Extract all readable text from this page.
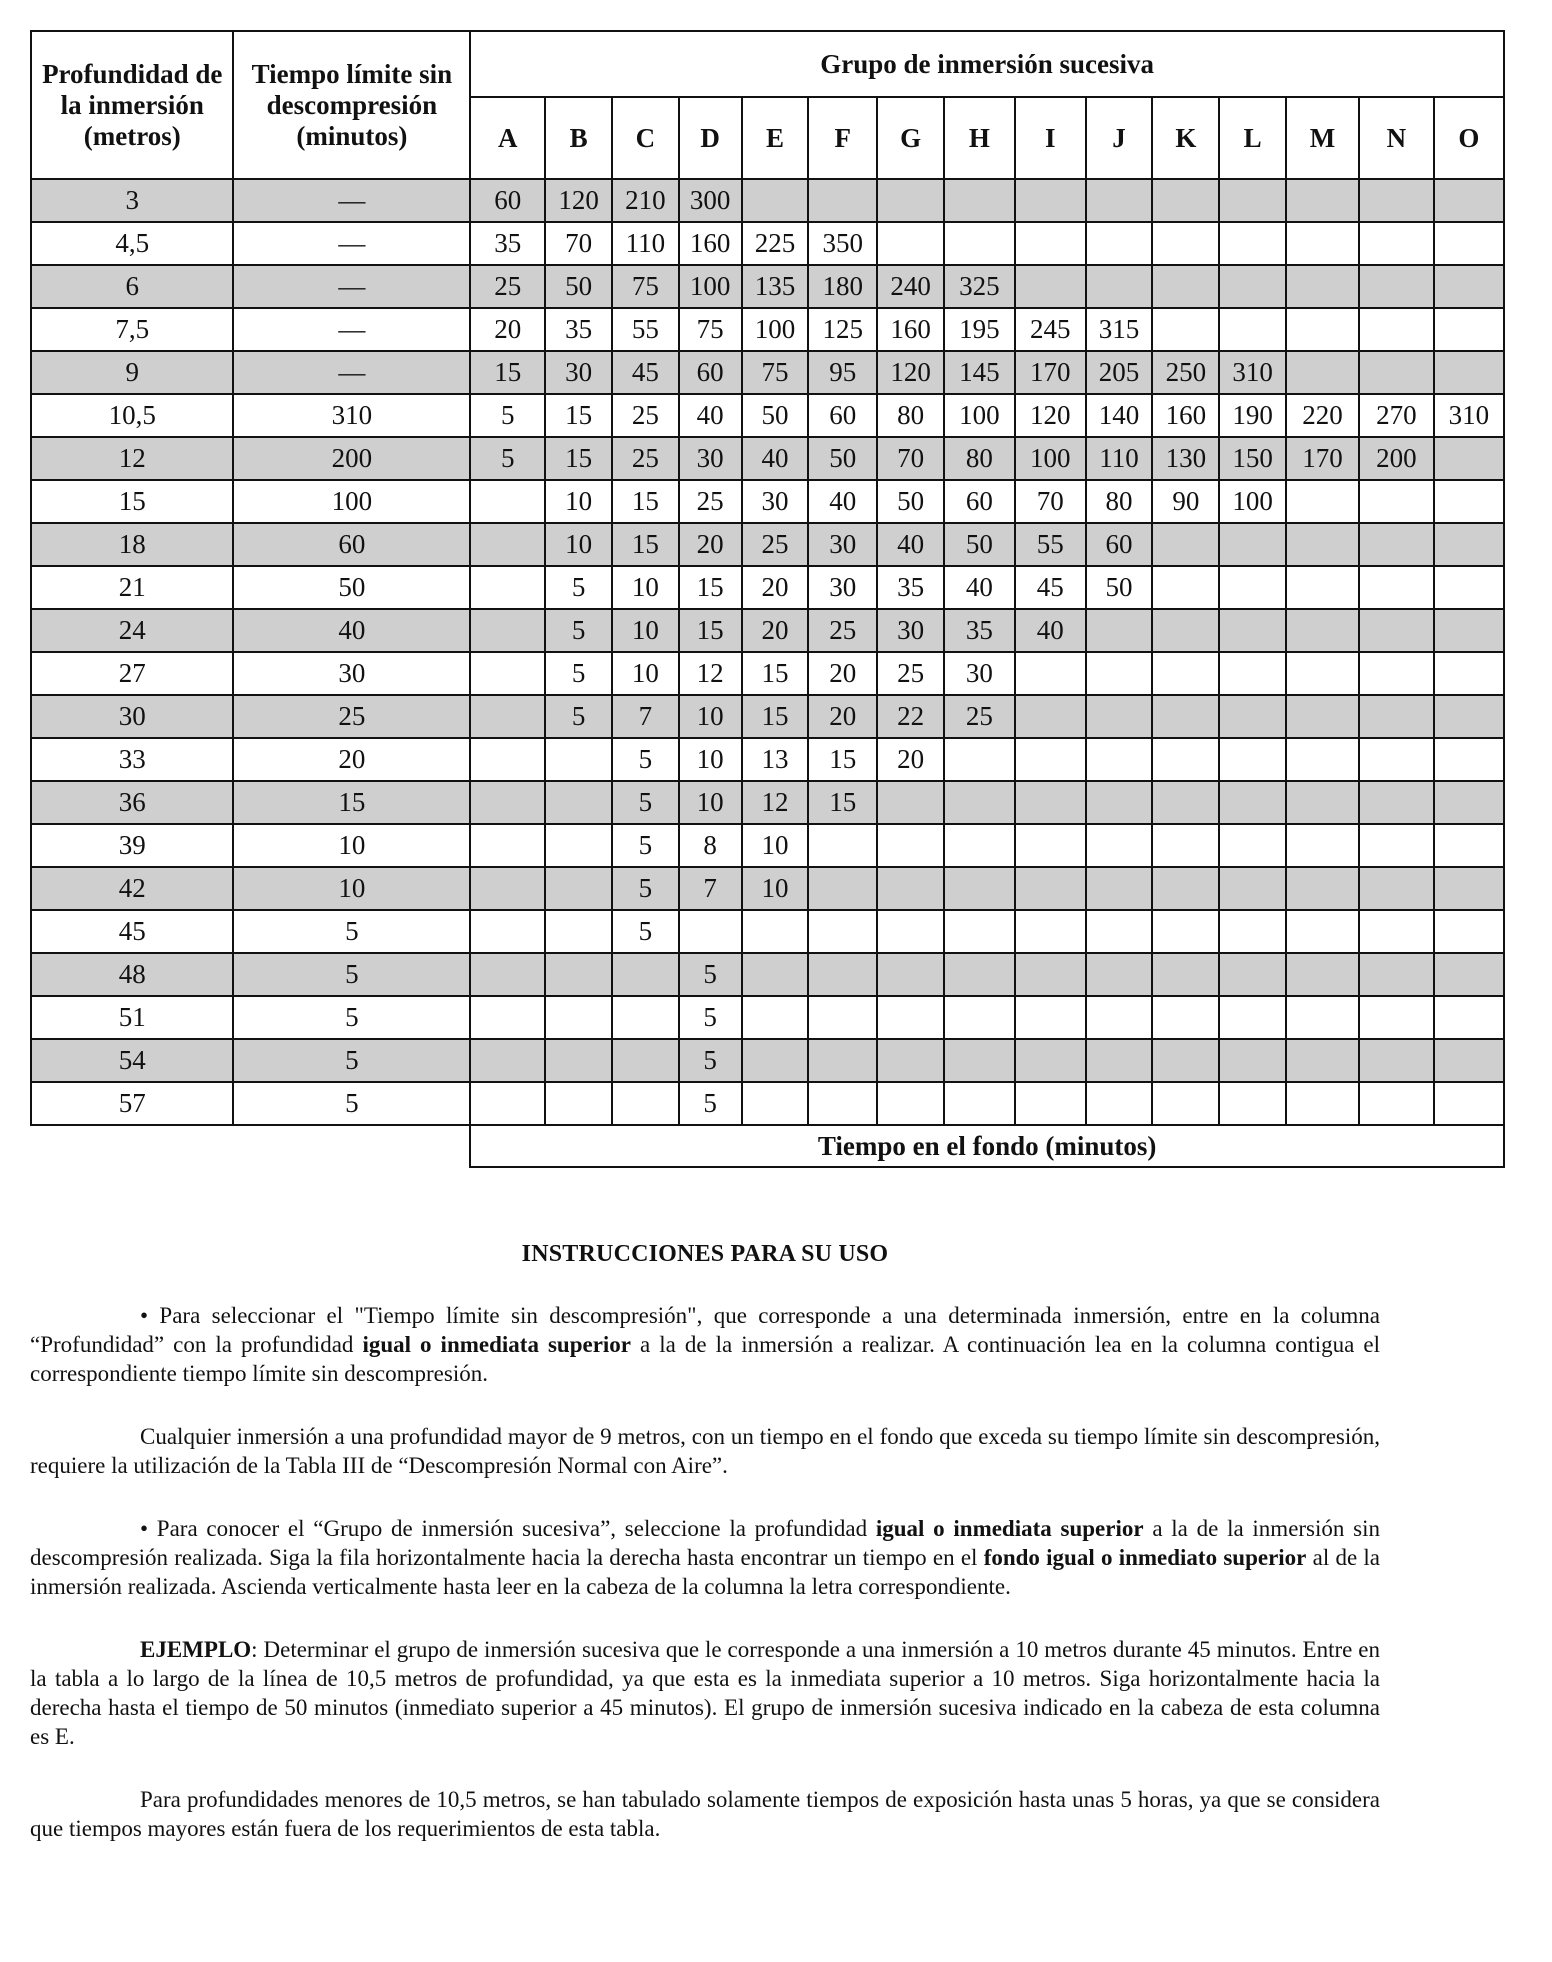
Profundidad de la inmersión (metros)	Tiempo límite sin descompresión (minutos)	Grupo de inmersión sucesiva														
		A	B	C	D	E	F	G	H	I	J	K	L	M	N	O
3	—	60	120	210	300											
4,5	—	35	70	110	160	225	350									
6	—	25	50	75	100	135	180	240	325							
7,5	—	20	35	55	75	100	125	160	195	245	315					
9	—	15	30	45	60	75	95	120	145	170	205	250	310			
10,5	310	5	15	25	40	50	60	80	100	120	140	160	190	220	270	310
12	200	5	15	25	30	40	50	70	80	100	110	130	150	170	200	
15	100		10	15	25	30	40	50	60	70	80	90	100			
18	60		10	15	20	25	30	40	50	55	60					
21	50		5	10	15	20	30	35	40	45	50					
24	40		5	10	15	20	25	30	35	40						
27	30		5	10	12	15	20	25	30							
30	25		5	7	10	15	20	22	25							
33	20			5	10	13	15	20								
36	15			5	10	12	15									
39	10			5	8	10										
42	10			5	7	10										
45	5			5												
48	5				5											
51	5				5											
54	5				5											
57	5				5											
		Tiempo en el fondo (minutos)														
INSTRUCCIONES PARA SU USO

• Para seleccionar el "Tiempo límite sin descompresión", que corresponde a una determinada inmersión, entre en la columna “Profundidad” con la profundidad igual o inmediata superior a la de la inmersión a realizar. A continuación lea en la columna contigua el correspondiente tiempo límite sin descompresión.

Cualquier inmersión a una profundidad mayor de 9 metros, con un tiempo en el fondo que exceda su tiempo límite sin descompresión, requiere la utilización de la Tabla III de “Descompresión Normal con Aire”.

• Para conocer el “Grupo de inmersión sucesiva”, seleccione la profundidad igual o inmediata superior a la de la inmersión sin descompresión realizada. Siga la fila horizontalmente hacia la derecha hasta encontrar un tiempo en el fondo igual o inmediato superior al de la inmersión realizada. Ascienda verticalmente hasta leer en la cabeza de la columna la letra correspondiente.

EJEMPLO: Determinar el grupo de inmersión sucesiva que le corresponde a una inmersión a 10 metros durante 45 minutos. Entre en la tabla a lo largo de la línea de 10,5 metros de profundidad, ya que esta es la inmediata superior a 10 metros. Siga horizontalmente hacia la derecha hasta el tiempo de 50 minutos (inmediato superior a 45 minutos). El grupo de inmersión sucesiva indicado en la cabeza de esta columna es E.

Para profundidades menores de 10,5 metros, se han tabulado solamente tiempos de exposición hasta unas 5 horas, ya que se considera que tiempos mayores están fuera de los requerimientos de esta tabla.
